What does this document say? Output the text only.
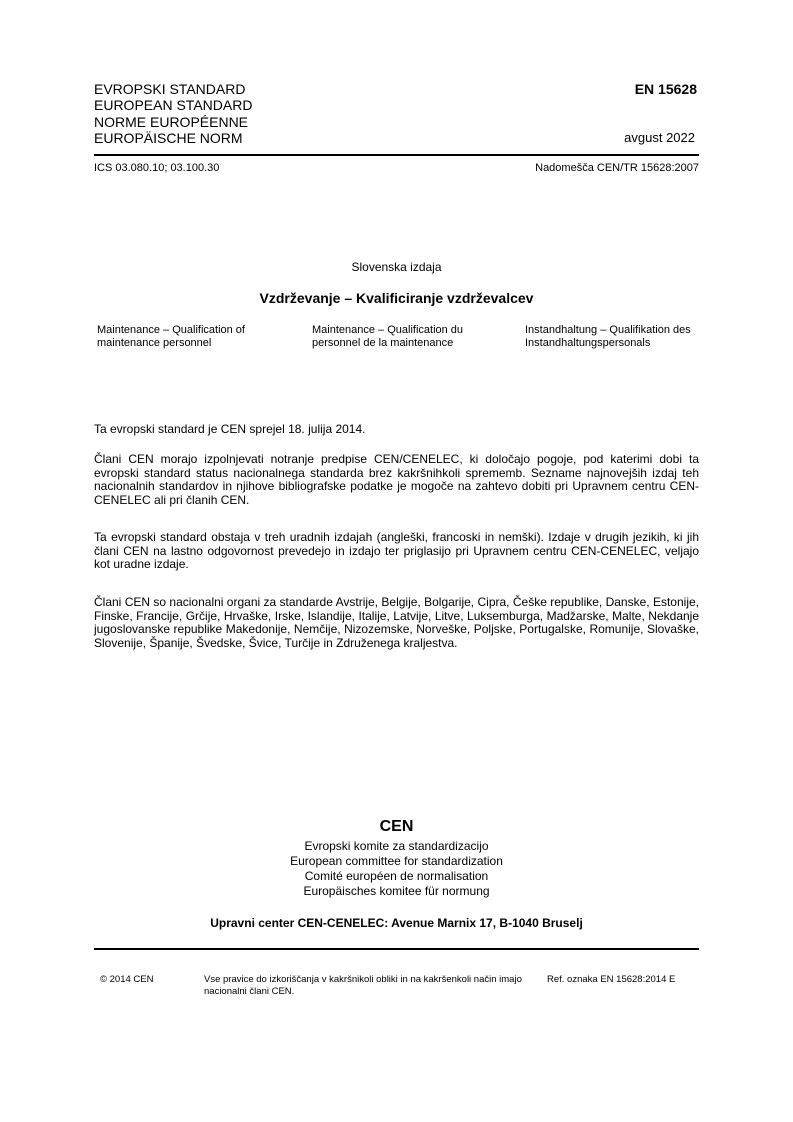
EVROPSKI STANDARD
EUROPEAN STANDARD
NORME EUROPÉENNE
EUROPÄISCHE NORM
EN 15628
avgust 2022
ICS 03.080.10; 03.100.30	Nadomešča CEN/TR 15628:2007
Slovenska izdaja
Vzdrževanje – Kvalificiranje vzdrževalcev
Maintenance – Qualification of maintenance personnel
Maintenance – Qualification du personnel de la maintenance
Instandhaltung – Qualifikation des Instandhaltungspersonals
Ta evropski standard je CEN sprejel 18. julija 2014.
Člani CEN morajo izpolnjevati notranje predpise CEN/CENELEC, ki določajo pogoje, pod katerimi dobi ta evropski standard status nacionalnega standarda brez kakršnihkoli sprememb. Sezname najnovejših izdaj teh nacionalnih standardov in njihove bibliografske podatke je mogoče na zahtevo dobiti pri Upravnem centru CEN-CENELEC ali pri članih CEN.
Ta evropski standard obstaja v treh uradnih izdajah (angleški, francoski in nemški). Izdaje v drugih jezikih, ki jih člani CEN na lastno odgovornost prevedejo in izdajo ter priglasijo pri Upravnem centru CEN-CENELEC, veljajo kot uradne izdaje.
Člani CEN so nacionalni organi za standarde Avstrije, Belgije, Bolgarije, Cipra, Češke republike, Danske, Estonije, Finske, Francije, Grčije, Hrvaške, Irske, Islandije, Italije, Latvije, Litve, Luksemburga, Madžarske, Malte, Nekdanje jugoslovanske republike Makedonije, Nemčije, Nizozemske, Norveške, Poljske, Portugalske, Romunije, Slovaške, Slovenije, Španije, Švedske, Švice, Turčije in Združenega kraljestva.
CEN
Evropski komite za standardizacijo
European committee for standardization
Comité européen de normalisation
Europäisches komitee für normung
Upravni center CEN-CENELEC: Avenue Marnix 17, B-1040 Bruselj
© 2014 CEN	Vse pravice do izkoriščanja v kakršnikoli obliki in na kakršenkoli način imajo nacionalni člani CEN.
Ref. oznaka EN 15628:2014 E
